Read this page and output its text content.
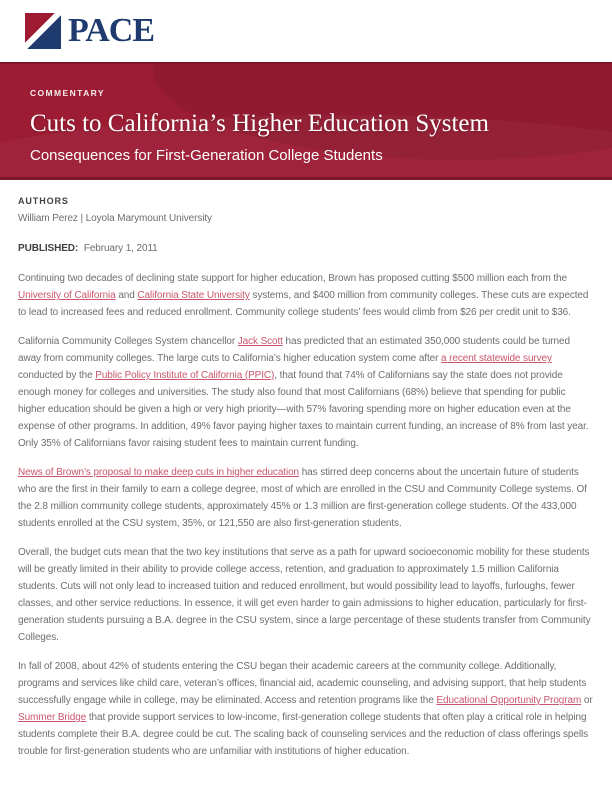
PACE
COMMENTARY
Cuts to California’s Higher Education System
Consequences for First-Generation College Students
AUTHORS
William Perez | Loyola Marymount University
PUBLISHED: February 1, 2011

Continuing two decades of declining state support for higher education, Brown has proposed cutting $500 million each from the University of California and California State University systems, and $400 million from community colleges. These cuts are expected to lead to increased fees and reduced enrollment. Community college students’ fees would climb from $26 per credit unit to $36.

California Community Colleges System chancellor Jack Scott has predicted that an estimated 350,000 students could be turned away from community colleges. The large cuts to California’s higher education system come after a recent statewide survey conducted by the Public Policy Institute of California (PPIC), that found that 74% of Californians say the state does not provide enough money for colleges and universities. The study also found that most Californians (68%) believe that spending for public higher education should be given a high or very high priority—with 57% favoring spending more on higher education even at the expense of other programs. In addition, 49% favor paying higher taxes to maintain current funding, an increase of 8% from last year. Only 35% of Californians favor raising student fees to maintain current funding.

News of Brown’s proposal to make deep cuts in higher education has stirred deep concerns about the uncertain future of students who are the first in their family to earn a college degree, most of which are enrolled in the CSU and Community College systems. Of the 2.8 million community college students, approximately 45% or 1.3 million are first-generation college students. Of the 433,000 students enrolled at the CSU system, 35%, or 121,550 are also first-generation students.

Overall, the budget cuts mean that the two key institutions that serve as a path for upward socioeconomic mobility for these students will be greatly limited in their ability to provide college access, retention, and graduation to approximately 1.5 million California students. Cuts will not only lead to increased tuition and reduced enrollment, but would possibility lead to layoffs, furloughs, fewer classes, and other service reductions. In essence, it will get even harder to gain admissions to higher education, particularly for first-generation students pursuing a B.A. degree in the CSU system, since a large percentage of these students transfer from Community Colleges.

In fall of 2008, about 42% of students entering the CSU began their academic careers at the community college. Additionally, programs and services like child care, veteran’s offices, financial aid, academic counseling, and advising support, that help students successfully engage while in college, may be eliminated. Access and retention programs like the Educational Opportunity Program or Summer Bridge that provide support services to low-income, first-generation college students that often play a critical role in helping students complete their B.A. degree could be cut. The scaling back of counseling services and the reduction of class offerings spells trouble for first-generation students who are unfamiliar with institutions of higher education.
